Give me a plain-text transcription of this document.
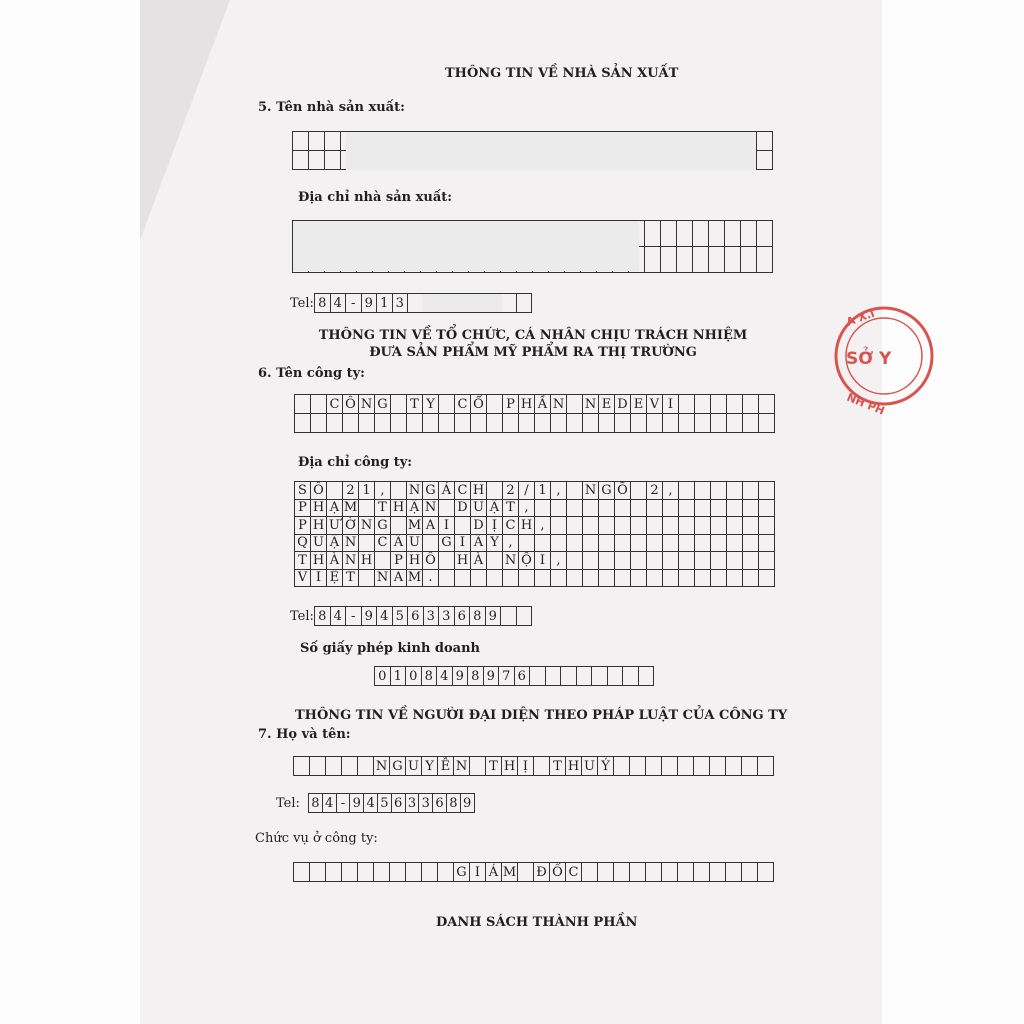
THÔNG TIN VỀ NHÀ SẢN XUẤT
5. Tên nhà sản xuất:
Địa chỉ nhà sản xuất:
Tel: 8 4 - 9 1 3
THÔNG TIN VỀ TỔ CHỨC, CÁ NHÂN CHỊU TRÁCH NHIỆM
ĐƯA SẢN PHẨM MỸ PHẨM RA THỊ TRƯỜNG
6. Tên công ty:
C Ô N G T Y	C Ổ P H Ầ N N E D E V I
Địa chỉ công ty:
S Ố 2 1 ,	N G Á C H 2 / 1 ,	N G Õ 2 ,
P H Ạ M T H Ậ N D U Ậ T ,
P H Ư Ờ N G M A I	D Ị C H ,
Q U Ậ N C Ầ U G I Ấ Y ,
T H À N H P H Ố H À N Ộ I ,
V I Ệ T	N A M .
Tel: 8 4 - 9 4 5 6 3 3 6 8 9
Số giấy phép kinh doanh
0 1 0 8 4 9 8 9 7 6
THÔNG TIN VỀ NGƯỜI ĐẠI DIỆN THEO PHÁP LUẬT CỦA CÔNG TY
7. Họ và tên:
N G U Y Ễ N T H Ị	T H U Ý
Tel: 8 4 - 9 4 5 6 3 3 6 8 9
Chức vụ ở công ty:
G I Á M Đ Ố C
DANH SÁCH THÀNH PHẦN
A X.I
SỞ Y
NH PH
